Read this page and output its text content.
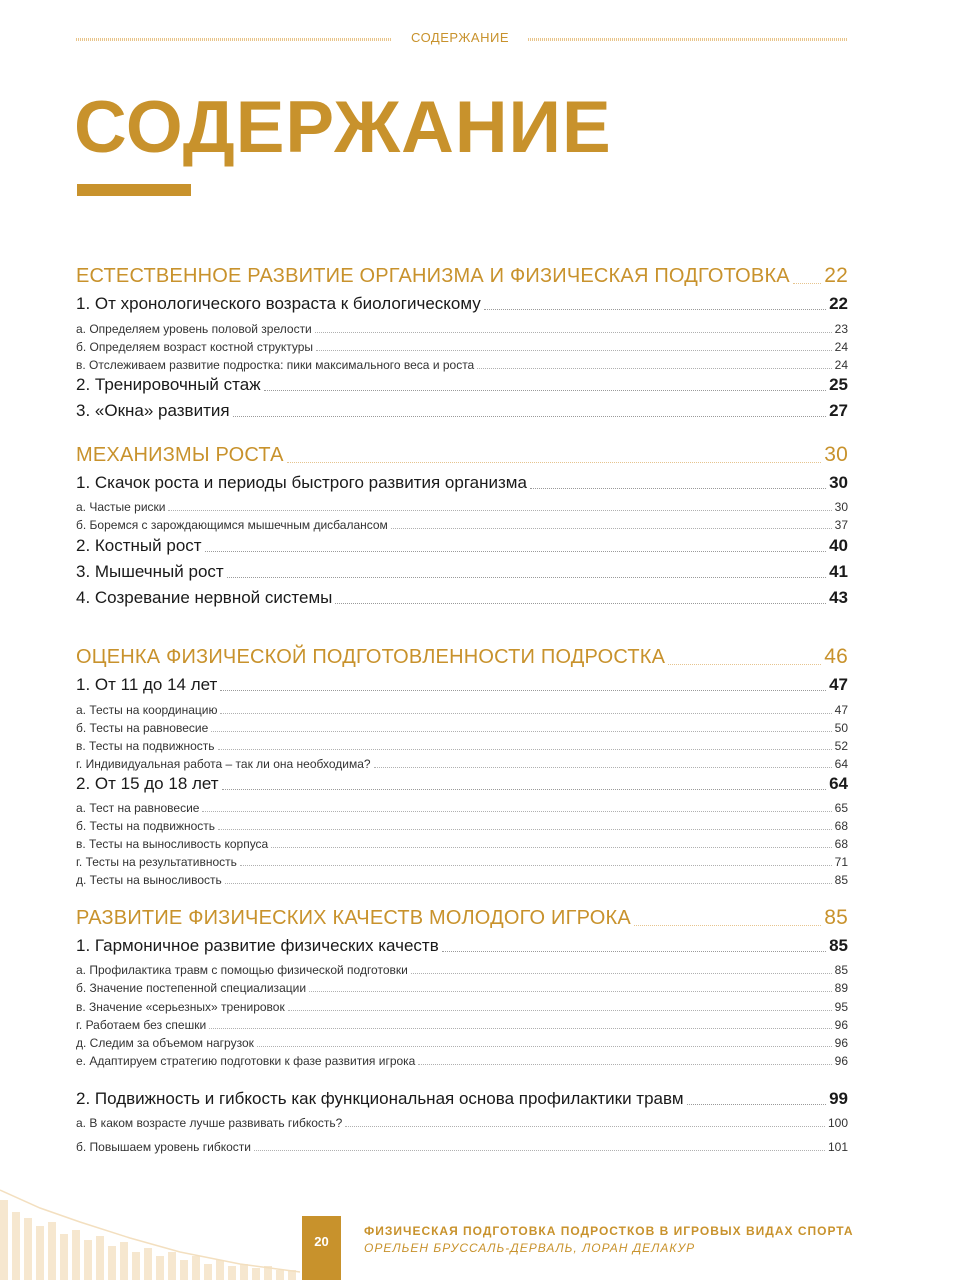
СОДЕРЖАНИЕ
СОДЕРЖАНИЕ
ЕСТЕСТВЕННОЕ РАЗВИТИЕ ОРГАНИЗМА И ФИЗИЧЕСКАЯ ПОДГОТОВКА 22
1. От хронологического возраста к биологическому	22
а. Определяем уровень половой зрелости	23
б. Определяем возраст костной структуры	24
в. Отслеживаем развитие подростка: пики максимального веса и роста	24
2. Тренировочный стаж	25
3. «Окна» развития	27
МЕХАНИЗМЫ РОСТА	30
1. Скачок роста и периоды быстрого развития организма	30
а. Частые риски	30
б. Боремся с зарождающимся мышечным дисбалансом	37
2. Костный рост	40
3. Мышечный рост	41
4. Созревание нервной системы	43
ОЦЕНКА ФИЗИЧЕСКОЙ ПОДГОТОВЛЕННОСТИ ПОДРОСТКА	46
1. От 11 до 14 лет	47
а. Тесты на координацию	47
б. Тесты на равновесие	50
в. Тесты на подвижность	52
г. Индивидуальная работа – так ли она необходима?	64
2. От 15 до 18 лет	64
а. Тест на равновесие	65
б. Тесты на подвижность	68
в. Тесты на выносливость корпуса	68
г. Тесты на результативность	71
д. Тесты на выносливость	85
РАЗВИТИЕ ФИЗИЧЕСКИХ КАЧЕСТВ МОЛОДОГО ИГРОКА	85
1. Гармоничное развитие физических качеств	85
а. Профилактика травм с помощью физической подготовки	85
б. Значение постепенной специализации	89
в. Значение «серьезных» тренировок	95
г. Работаем без спешки	96
д. Следим за объемом нагрузок	96
е. Адаптируем стратегию подготовки к фазе развития игрока	96
2. Подвижность и гибкость как функциональная основа профилактики травм	99
а. В каком возрасте лучше развивать гибкость?	100
б. Повышаем уровень гибкости	101
20
ФИЗИЧЕСКАЯ ПОДГОТОВКА ПОДРОСТКОВ В ИГРОВЫХ ВИДАХ СПОРТА
ОРЕЛЬЕН БРУССАЛЬ-ДЕРВАЛЬ, ЛОРАН ДЕЛАКУР
